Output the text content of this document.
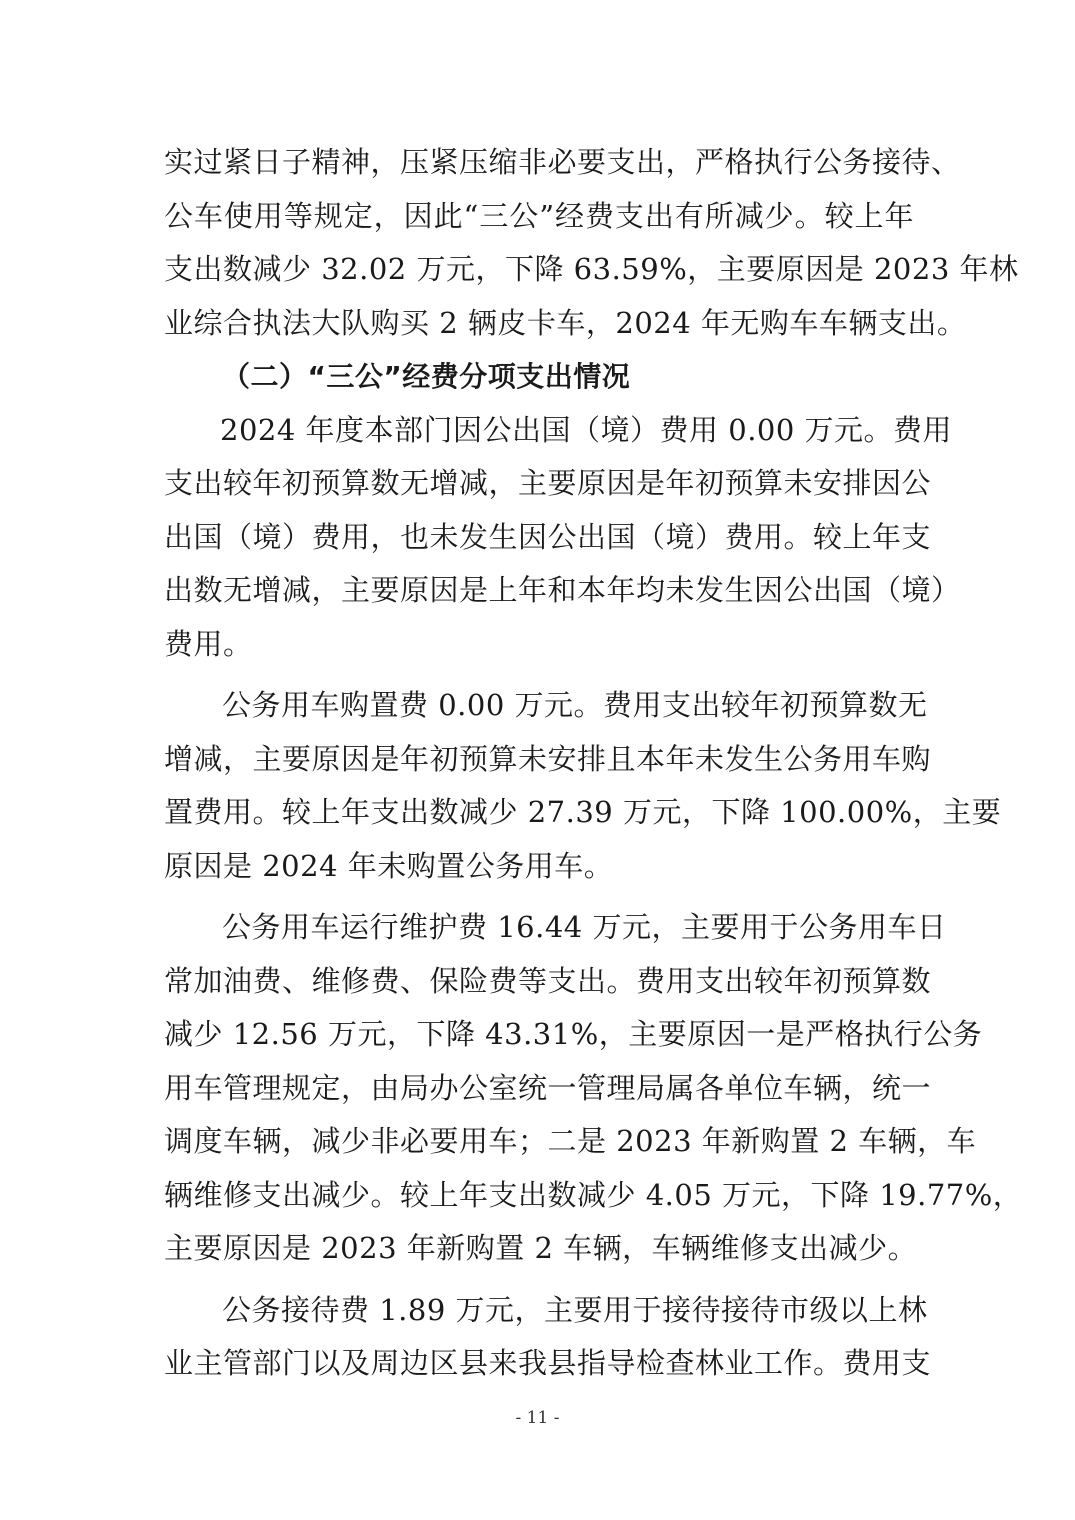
实过紧日子精神，压紧压缩非必要支出，严格执行公务接待、
公车使用等规定，因此“三公”经费支出有所减少。较上年
支出数减少 32.02 万元，下降 63.59%，主要原因是 2023 年林
业综合执法大队购买 2 辆皮卡车，2024 年无购车车辆支出。
（二）“三公”经费分项支出情况
2024 年度本部门因公出国（境）费用 0.00 万元。费用
支出较年初预算数无增减，主要原因是年初预算未安排因公
出国（境）费用，也未发生因公出国（境）费用。较上年支
出数无增减，主要原因是上年和本年均未发生因公出国（境）
费用。
公务用车购置费 0.00 万元。费用支出较年初预算数无
增减，主要原因是年初预算未安排且本年未发生公务用车购
置费用。较上年支出数减少 27.39 万元，下降 100.00%，主要
原因是 2024 年未购置公务用车。
公务用车运行维护费 16.44 万元，主要用于公务用车日
常加油费、维修费、保险费等支出。费用支出较年初预算数
减少 12.56 万元，下降 43.31%，主要原因一是严格执行公务
用车管理规定，由局办公室统一管理局属各单位车辆，统一
调度车辆，减少非必要用车；二是 2023 年新购置 2 车辆，车
辆维修支出减少。较上年支出数减少 4.05 万元，下降 19.77%，
主要原因是 2023 年新购置 2 车辆，车辆维修支出减少。
公务接待费 1.89 万元，主要用于接待接待市级以上林
业主管部门以及周边区县来我县指导检查林业工作。费用支
- 11 -
